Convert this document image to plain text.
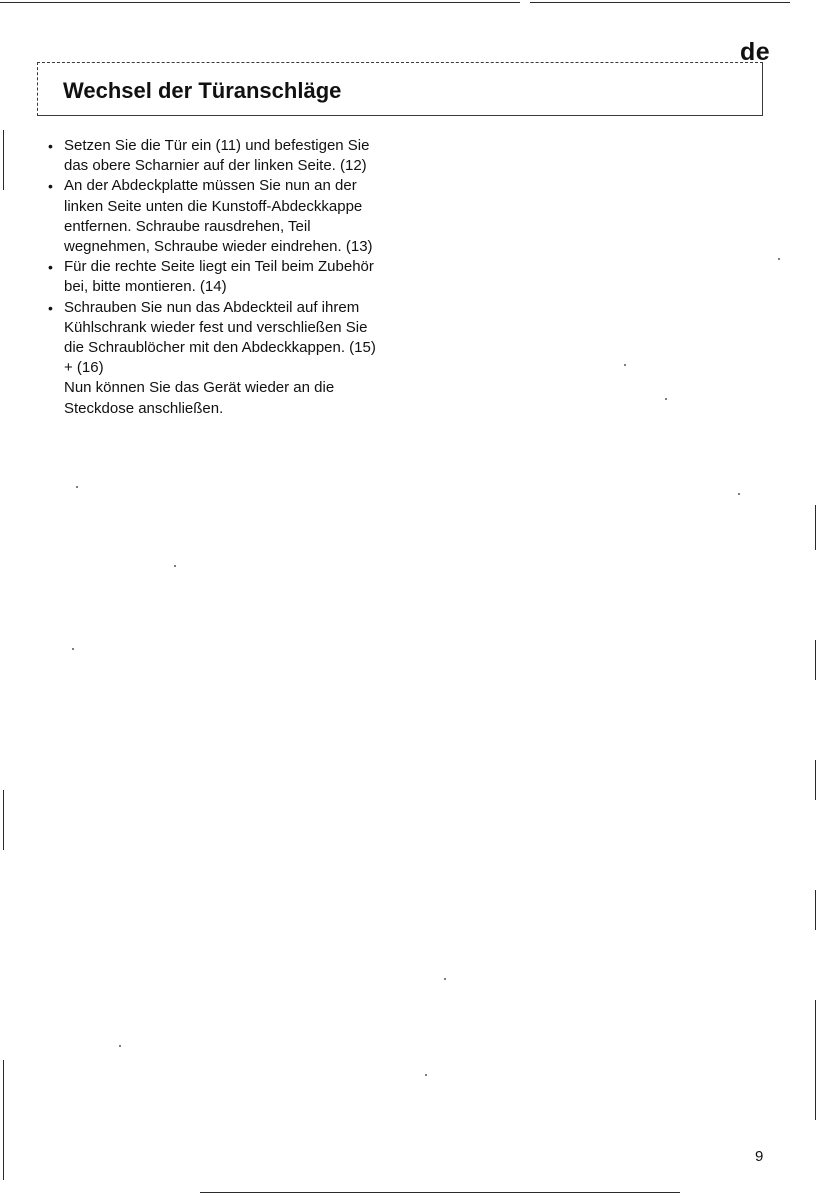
de
Wechsel der Türanschläge
• Setzen Sie die Tür ein (11) und befestigen Sie das obere Scharnier auf der linken Seite. (12)
• An der Abdeckplatte müssen Sie nun an der linken Seite unten die Kunstoff-Abdeckkappe entfernen. Schraube rausdrehen, Teil wegnehmen, Schraube wieder eindrehen. (13)
• Für die rechte Seite liegt ein Teil beim Zubehör bei, bitte montieren. (14)
• Schrauben Sie nun das Abdeckteil auf ihrem Kühlschrank wieder fest und verschließen Sie die Schraublöcher mit den Abdeckkappen. (15) + (16)
Nun können Sie das Gerät wieder an die Steckdose anschließen.
9
